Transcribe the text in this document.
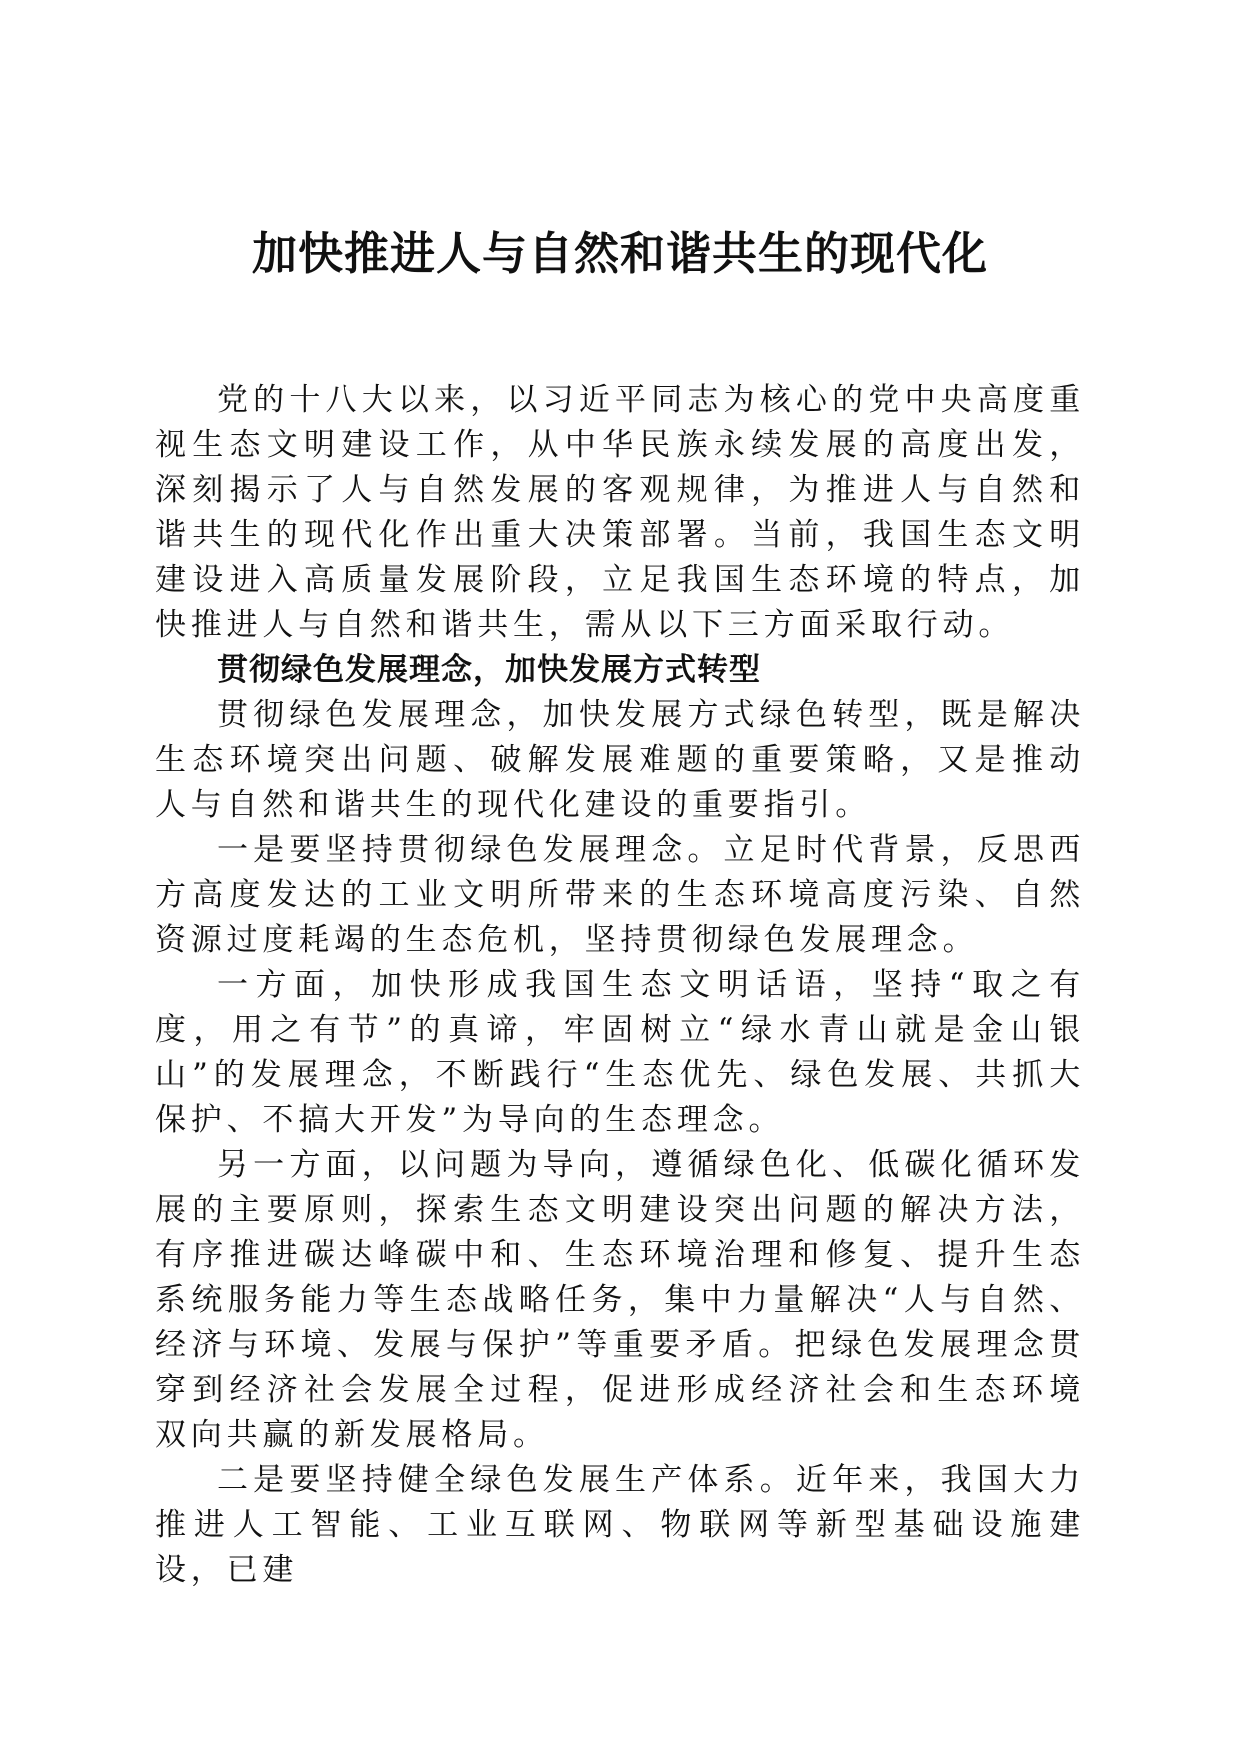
加快推进人与自然和谐共生的现代化

党的十八大以来，以习近平同志为核心的党中央高度重视生态文明建设工作，从中华民族永续发展的高度出发，深刻揭示了人与自然发展的客观规律，为推进人与自然和谐共生的现代化作出重大决策部署。当前，我国生态文明建设进入高质量发展阶段，立足我国生态环境的特点，加快推进人与自然和谐共生，需从以下三方面采取行动。

贯彻绿色发展理念，加快发展方式转型

贯彻绿色发展理念，加快发展方式绿色转型，既是解决生态环境突出问题、破解发展难题的重要策略，又是推动人与自然和谐共生的现代化建设的重要指引。

一是要坚持贯彻绿色发展理念。立足时代背景，反思西方高度发达的工业文明所带来的生态环境高度污染、自然资源过度耗竭的生态危机，坚持贯彻绿色发展理念。

一方面，加快形成我国生态文明话语，坚持“取之有度，用之有节”的真谛，牢固树立“绿水青山就是金山银山”的发展理念，不断践行“生态优先、绿色发展、共抓大保护、不搞大开发”为导向的生态理念。

另一方面，以问题为导向，遵循绿色化、低碳化循环发展的主要原则，探索生态文明建设突出问题的解决方法，有序推进碳达峰碳中和、生态环境治理和修复、提升生态系统服务能力等生态战略任务，集中力量解决“人与自然、经济与环境、发展与保护”等重要矛盾。把绿色发展理念贯穿到经济社会发展全过程，促进形成经济社会和生态环境双向共赢的新发展格局。

二是要坚持健全绿色发展生产体系。近年来，我国大力推进人工智能、工业互联网、物联网等新型基础设施建设，已建
